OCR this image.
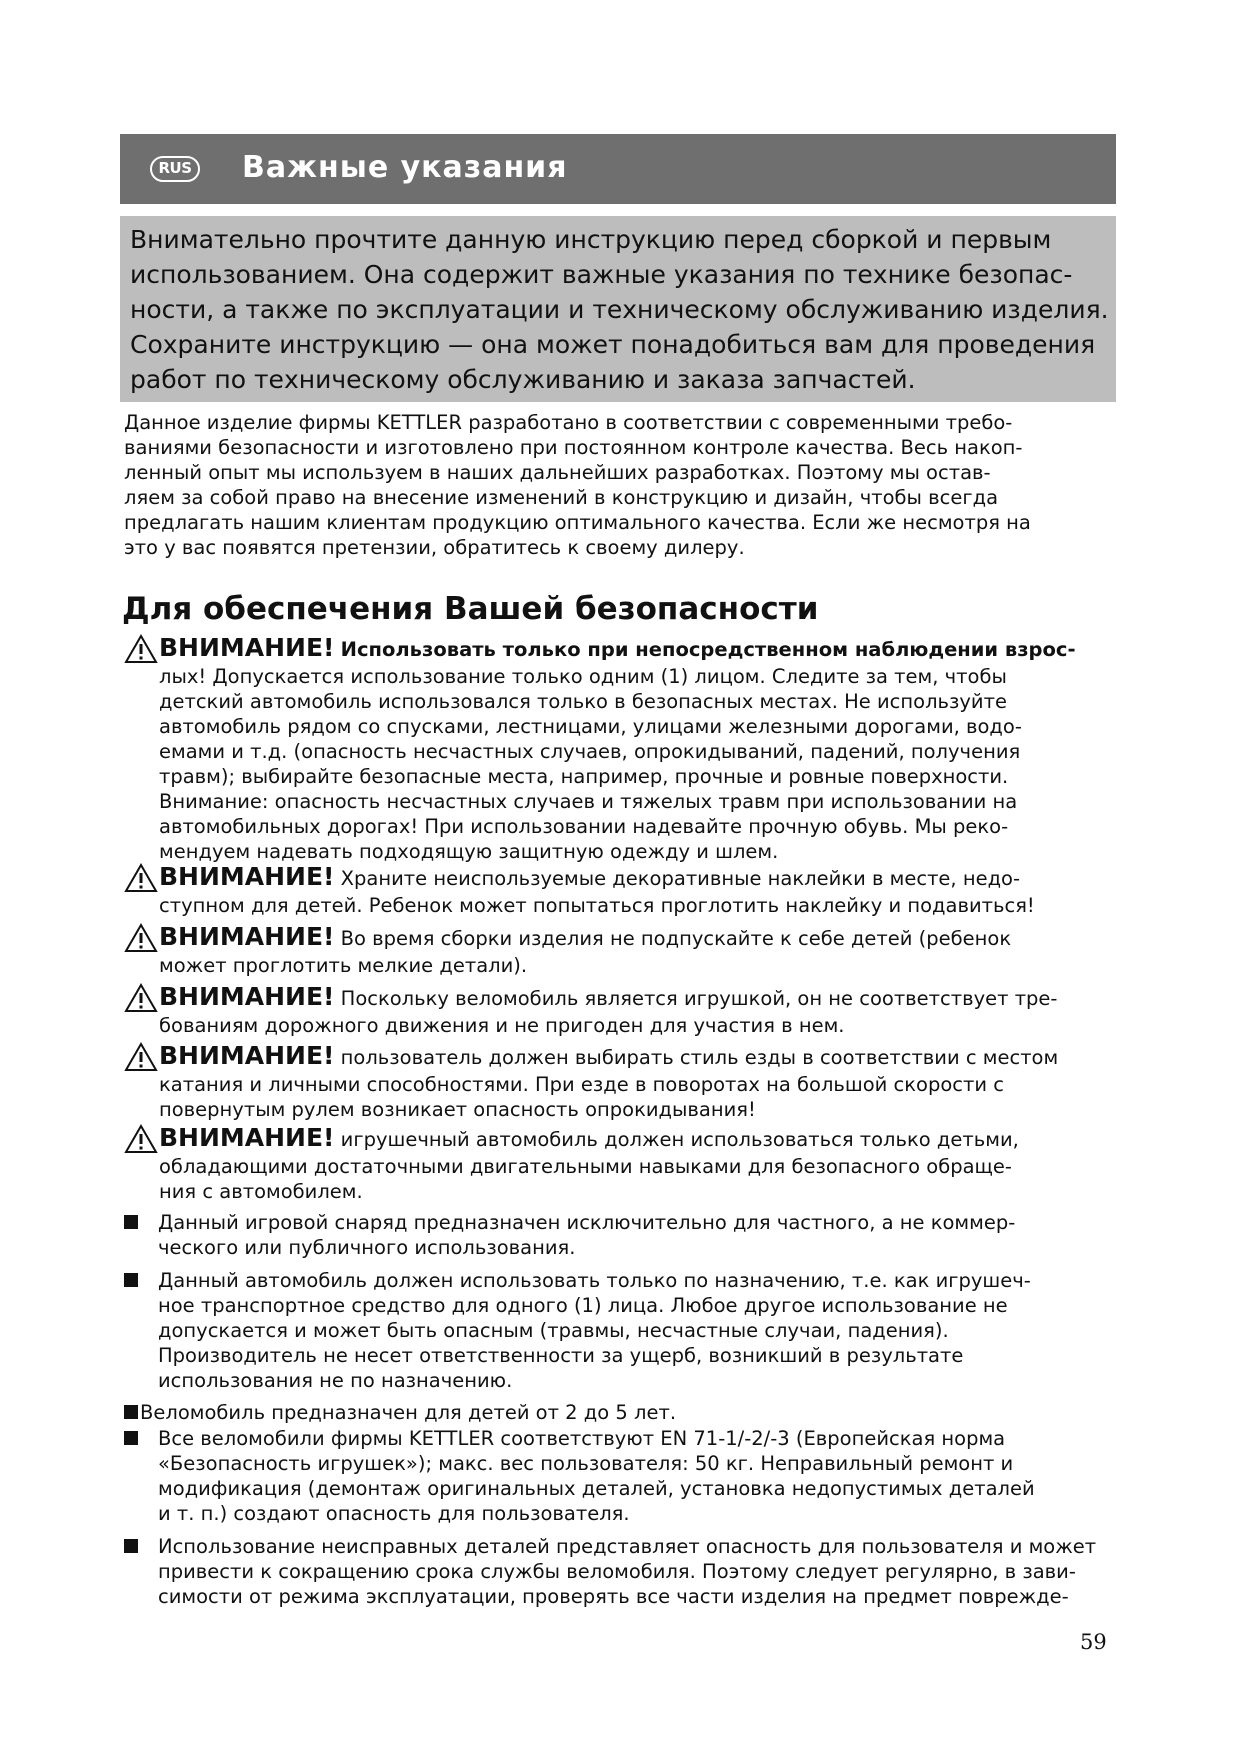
RUS Важные указания
Внимательно прочтите данную инструкцию перед сборкой и первым
использованием. Она содержит важные указания по технике безопас-
ности, а также по эксплуатации и техническому обслуживанию изделия.
Сохраните инструкцию — она может понадобиться вам для проведения
работ по техническому обслуживанию и заказа запчастей.
Данное изделие фирмы KETTLER разработано в соответствии с современными требо-
ваниями безопасности и изготовлено при постоянном контроле качества. Весь накоп-
ленный опыт мы используем в наших дальнейших разработках. Поэтому мы остав-
ляем за собой право на внесение изменений в конструкцию и дизайн, чтобы всегда
предлагать нашим клиентам продукцию оптимального качества. Если же несмотря на
это у вас появятся претензии, обратитесь к своему дилеру.
Для обеспечения Вашей безопасности
ВНИМАНИЕ! Использовать только при непосредственном наблюдении взрос-
лых! Допускается использование только одним (1) лицом. Следите за тем, чтобы
детский автомобиль использовался только в безопасных местах. Не используйте
автомобиль рядом со спусками, лестницами, улицами железными дорогами, водо-
емами и т.д. (опасность несчастных случаев, опрокидываний, падений, получения
травм); выбирайте безопасные места, например, прочные и ровные поверхности.
Внимание: опасность несчастных случаев и тяжелых травм при использовании на
автомобильных дорогах! При использовании надевайте прочную обувь. Мы реко-
мендуем надевать подходящую защитную одежду и шлем.
ВНИМАНИЕ! Храните неиспользуемые декоративные наклейки в месте, недо-
ступном для детей. Ребенок может попытаться проглотить наклейку и подавиться!
ВНИМАНИЕ! Во время сборки изделия не подпускайте к себе детей (ребенок
может проглотить мелкие детали).
ВНИМАНИЕ! Поскольку веломобиль является игрушкой, он не соответствует тре-
бованиям дорожного движения и не пригоден для участия в нем.
ВНИМАНИЕ! пользователь должен выбирать стиль езды в соответствии с местом
катания и личными способностями. При езде в поворотах на большой скорости с
повернутым рулем возникает опасность опрокидывания!
ВНИМАНИЕ! игрушечный автомобиль должен использоваться только детьми,
обладающими достаточными двигательными навыками для безопасного обраще-
ния с автомобилем.
Данный игровой снаряд предназначен исключительно для частного, а не коммер-
ческого или публичного использования.
Данный автомобиль должен использовать только по назначению, т.е. как игрушеч-
ное транспортное средство для одного (1) лица. Любое другое использование не
допускается и может быть опасным (травмы, несчастные случаи, падения).
Производитель не несет ответственности за ущерб, возникший в результате
использования не по назначению.
Веломобиль предназначен для детей от 2 до 5 лет.
Все веломобили фирмы KETTLER соответствуют EN 71-1/-2/-3 (Европейская норма
«Безопасность игрушек»); макс. вес пользователя: 50 кг. Неправильный ремонт и
модификация (демонтаж оригинальных деталей, установка недопустимых деталей
и т. п.) создают опасность для пользователя.
Использование неисправных деталей представляет опасность для пользователя и может
привести к сокращению срока службы веломобиля. Поэтому следует регулярно, в зави-
симости от режима эксплуатации, проверять все части изделия на предмет поврежде-
59
